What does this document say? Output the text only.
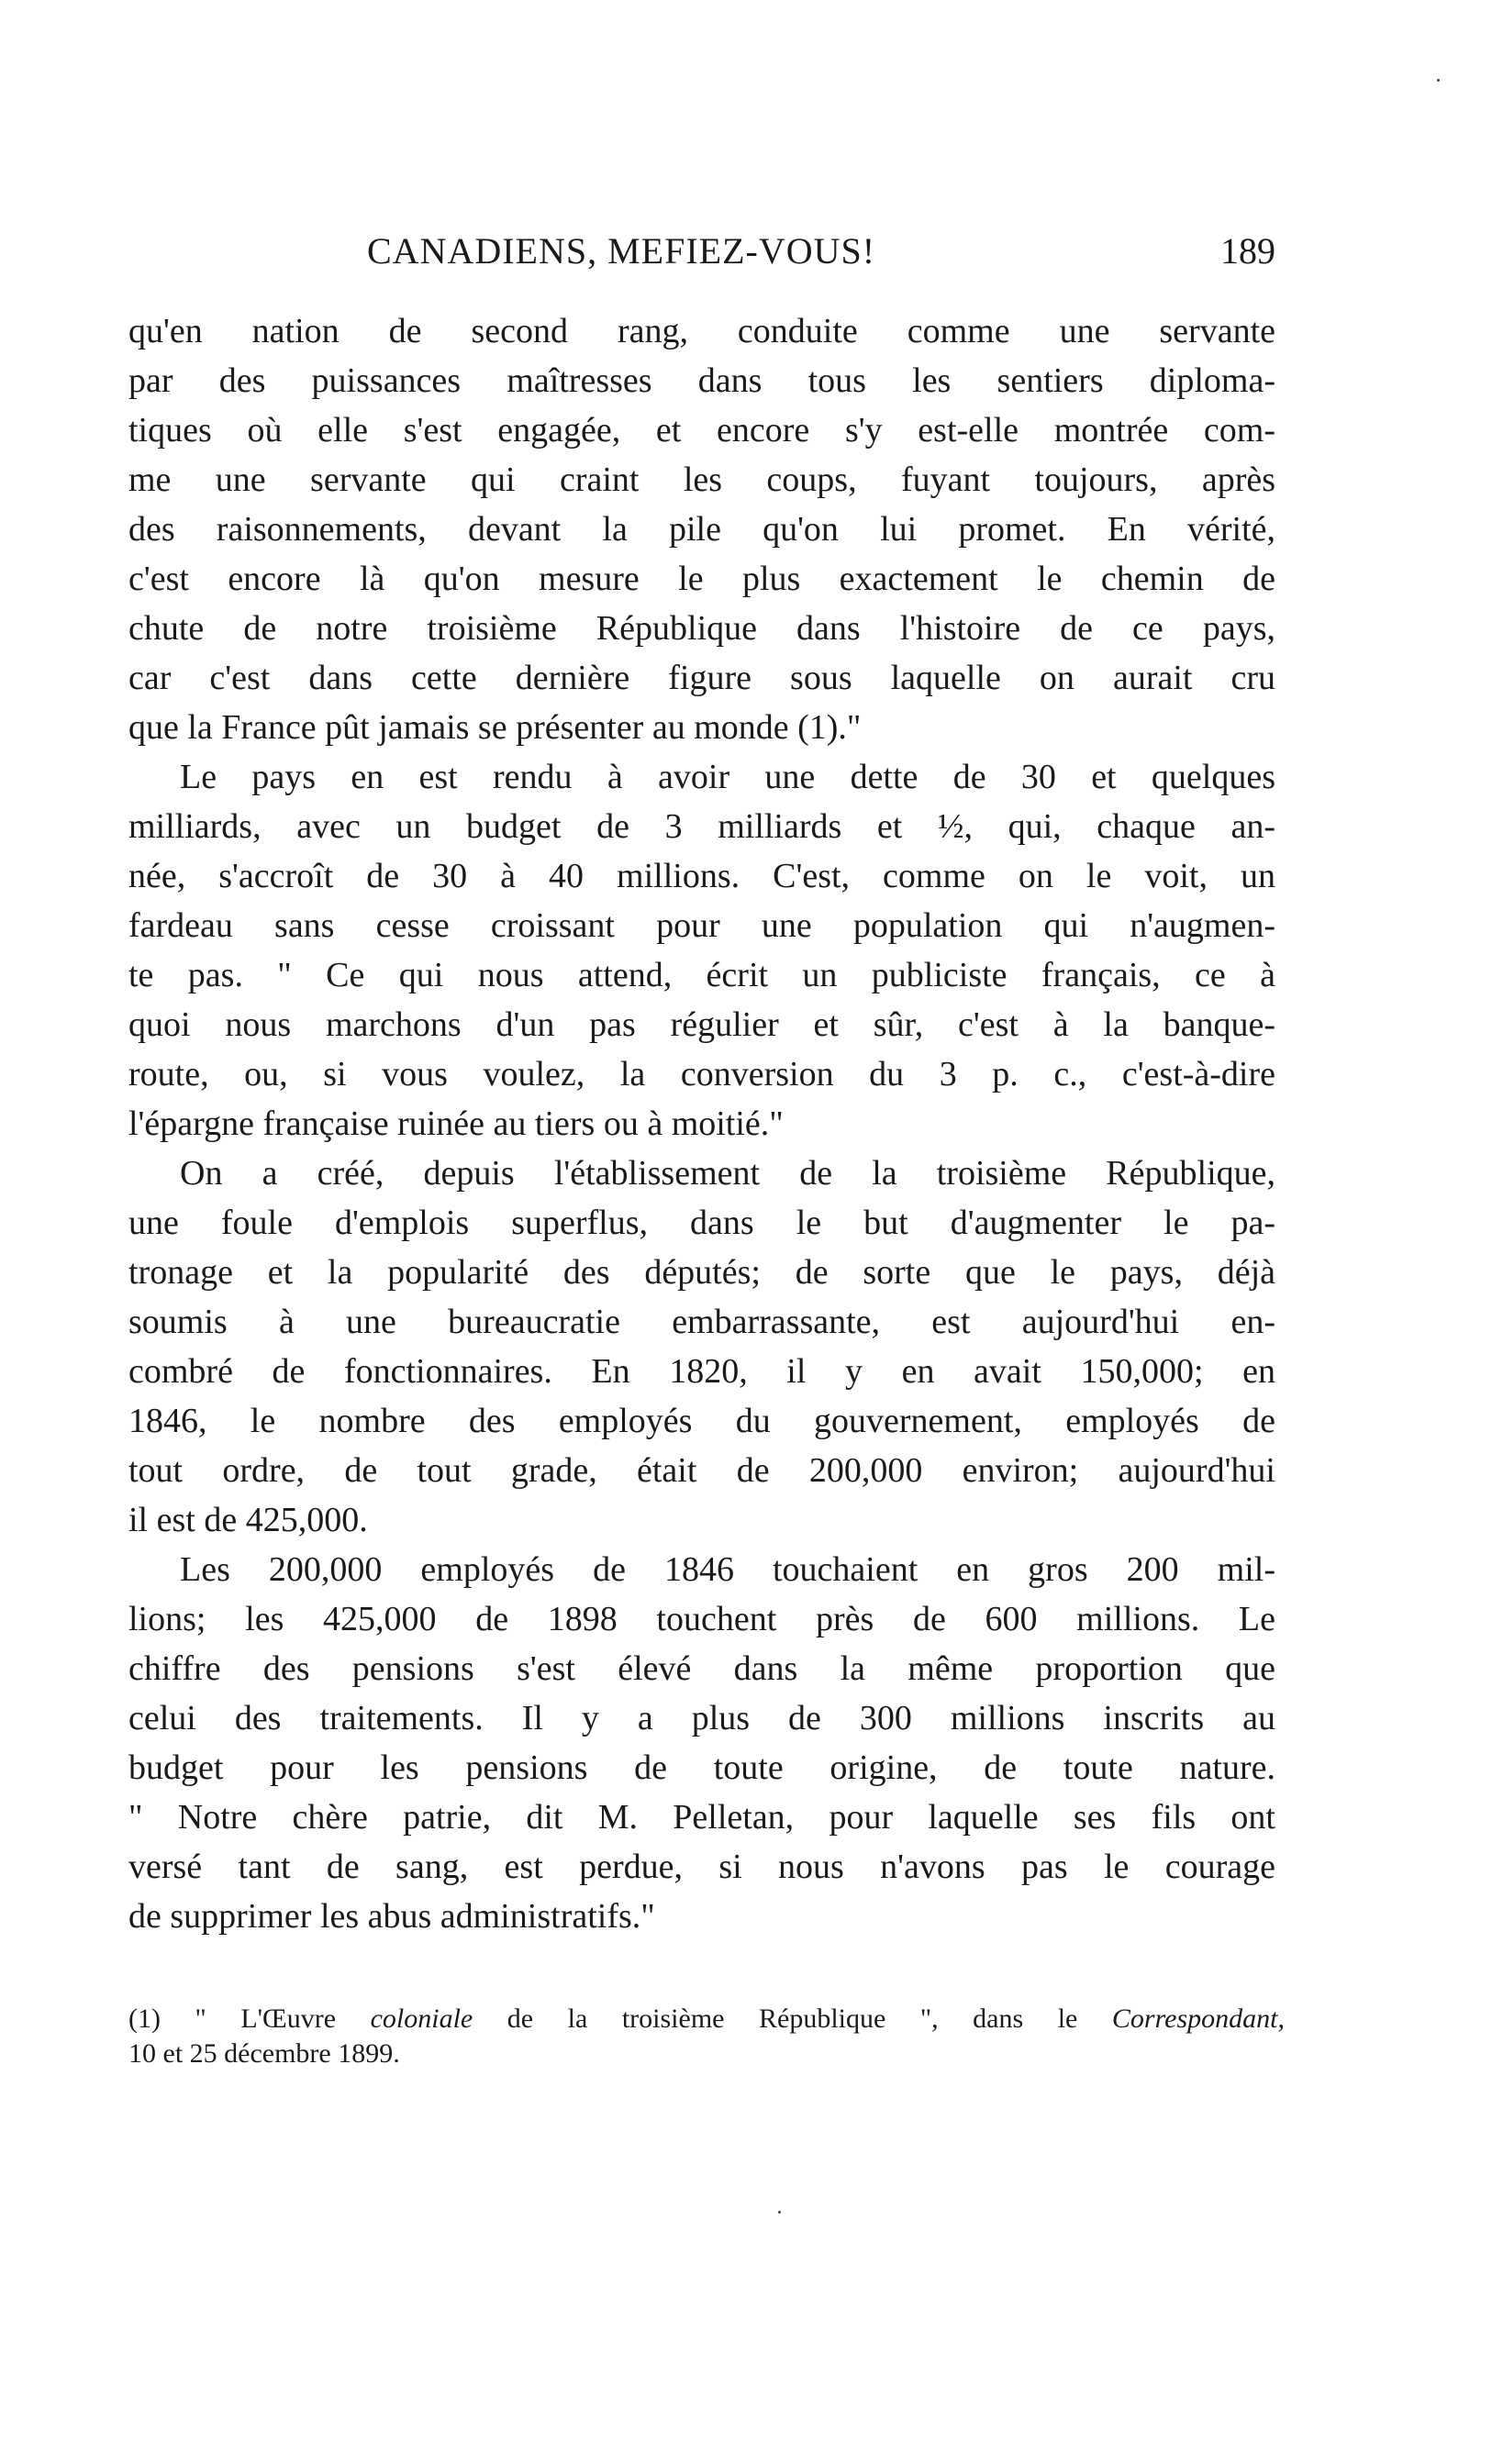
CANADIENS, MEFIEZ-VOUS!	189
qu'en nation de second rang, conduite comme une servante
par des puissances maîtresses dans tous les sentiers diploma-
tiques où elle s'est engagée, et encore s'y est-elle montrée com-
me une servante qui craint les coups, fuyant toujours, après
des raisonnements, devant la pile qu'on lui promet. En vérité,
c'est encore là qu'on mesure le plus exactement le chemin de
chute de notre troisième République dans l'histoire de ce pays,
car c'est dans cette dernière figure sous laquelle on aurait cru
que la France pût jamais se présenter au monde (1)."
Le pays en est rendu à avoir une dette de 30 et quelques
milliards, avec un budget de 3 milliards et ½, qui, chaque an-
née, s'accroît de 30 à 40 millions. C'est, comme on le voit, un
fardeau sans cesse croissant pour une population qui n'augmen-
te pas. " Ce qui nous attend, écrit un publiciste français, ce à
quoi nous marchons d'un pas régulier et sûr, c'est à la banque-
route, ou, si vous voulez, la conversion du 3 p. c., c'est-à-dire
l'épargne française ruinée au tiers ou à moitié."
On a créé, depuis l'établissement de la troisième République,
une foule d'emplois superflus, dans le but d'augmenter le pa-
tronage et la popularité des députés; de sorte que le pays, déjà
soumis à une bureaucratie embarrassante, est aujourd'hui en-
combré de fonctionnaires. En 1820, il y en avait 150,000; en
1846, le nombre des employés du gouvernement, employés de
tout ordre, de tout grade, était de 200,000 environ; aujourd'hui
il est de 425,000.
Les 200,000 employés de 1846 touchaient en gros 200 mil-
lions; les 425,000 de 1898 touchent près de 600 millions. Le
chiffre des pensions s'est élevé dans la même proportion que
celui des traitements. Il y a plus de 300 millions inscrits au
budget pour les pensions de toute origine, de toute nature.
" Notre chère patrie, dit M. Pelletan, pour laquelle ses fils ont
versé tant de sang, est perdue, si nous n'avons pas le courage
de supprimer les abus administratifs."
(1) " L'Œuvre coloniale de la troisième République ", dans le Correspondant,
10 et 25 décembre 1899.
